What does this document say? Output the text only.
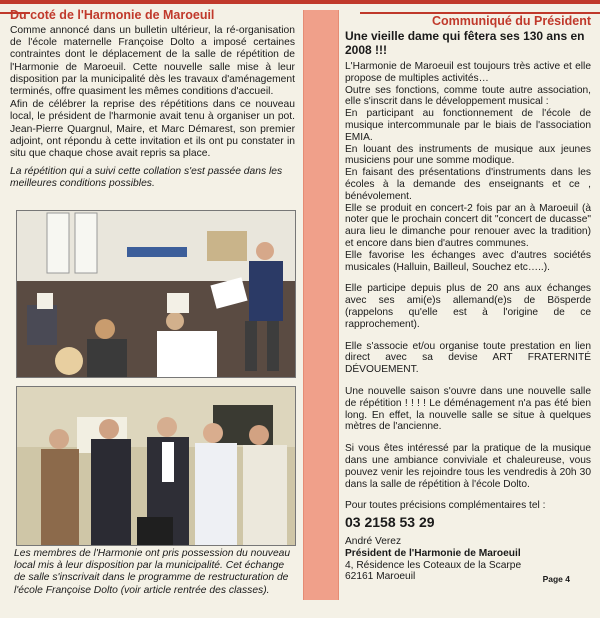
Du coté de l'Harmonie de Maroeuil

Comme annoncé dans un bulletin ultérieur, la ré-organisation de l'école maternelle Françoise Dolto a imposé certaines contraintes dont le déplacement de la salle de répétition de l'Harmonie de Maroeuil. Cette nouvelle salle mise à leur disposition par la municipalité dès les travaux d'aménagement terminés, offre quasiment les mêmes conditions d'accueil.

Afin de célébrer la reprise des répétitions dans ce nouveau local, le président de l'harmonie avait tenu à organiser un pot. Jean-Pierre Quargnul, Maire, et Marc Démarest, son premier adjoint, ont répondu à cette invitation et ils ont pu constater in situ que chaque chose avait repris sa place.

La répétition qui a suivi cette collation s'est passée dans les meilleures conditions possibles.

Les membres de l'Harmonie ont pris possession du nouveau local mis à leur disposition par la municipalité. Cet échange de salle s'inscrivait dans le programme de restructuration de l'école Françoise Dolto (voir article rentrée des classes).
Communiqué du Président
Une vieille dame qui fêtera ses 130 ans en 2008 !!!

L'Harmonie de Maroeuil est toujours très active et elle propose de multiples activités…

Outre ses fonctions, comme toute autre association, elle s'inscrit dans le développement musical :

En participant au fonctionnement de l'école de musique intercommunale par le biais de l'association EMIA.

En louant des instruments de musique aux jeunes musiciens pour une somme modique.

En faisant des présentations d'instruments dans les écoles à la demande des enseignants et ce , bénévolement.

Elle se produit en concert-2 fois par an à Maroeuil (à noter que le prochain concert dit "concert de ducasse" aura lieu le dimanche pour renouer avec la tradition) et encore dans bien d'autres communes.

Elle favorise les échanges avec d'autres sociétés musicales (Halluin, Bailleul, Souchez etc…..).

Elle participe depuis plus de 20 ans aux échanges avec ses ami(e)s allemand(e)s de Bösperde (rappelons qu'elle est à l'origine de ce rapprochement).

Elle s'associe et/ou organise toute prestation en lien direct avec sa devise ART FRATERNITÉ DÉVOUEMENT.

Une nouvelle saison s'ouvre dans une nouvelle salle de répétition ! ! ! ! Le déménagement n'a pas été bien long. En effet, la nouvelle salle se situe à quelques mètres de l'ancienne.

Si vous êtes intéressé par la pratique de la musique dans une ambiance conviviale et chaleureuse, vous pouvez venir les rejoindre tous les vendredis à 20h 30 dans la salle de répétition à l'école Dolto.

Pour toutes précisions complémentaires tel :

03 2158 53 29
André Verez
Président de l'Harmonie de Maroeuil
4, Résidence les Coteaux de la Scarpe
62161 Maroeuil	Page 4
